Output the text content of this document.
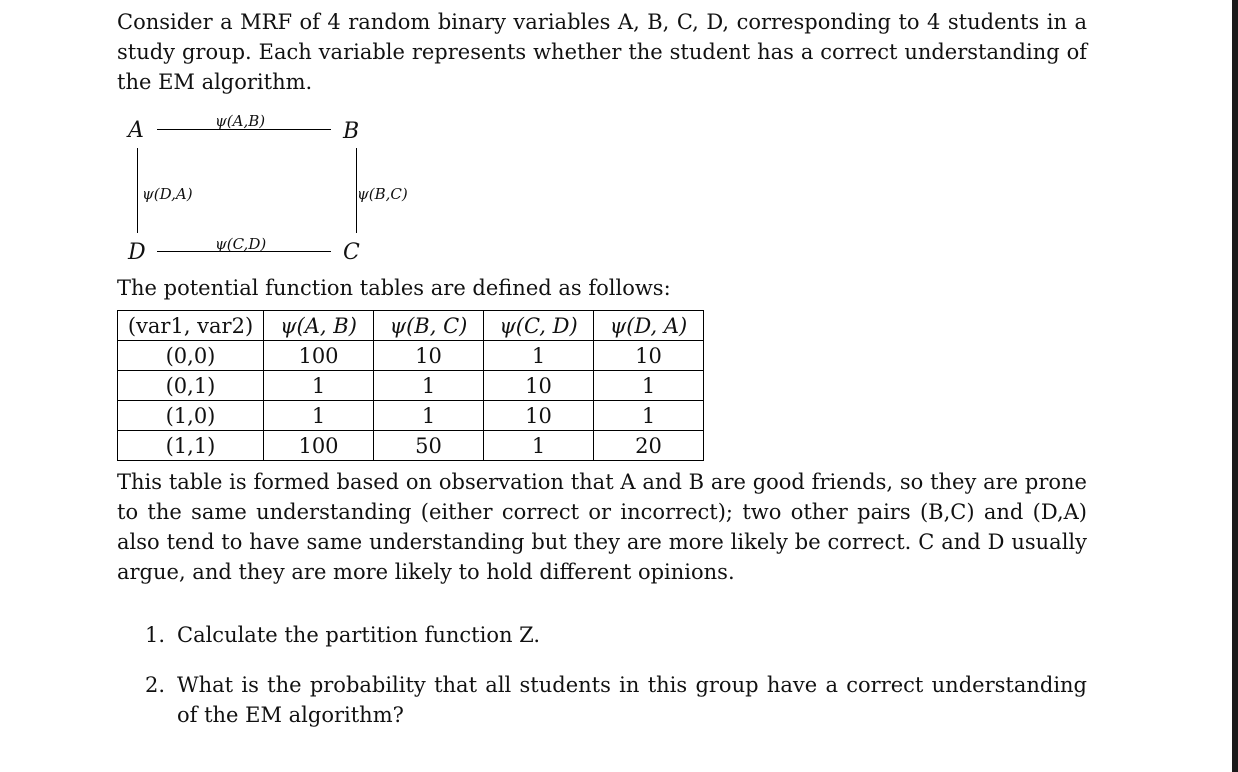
Consider a MRF of 4 random binary variables A, B, C, D, corresponding to 4 students in a study group. Each variable represents whether the student has a correct understanding of the EM algorithm.

A	B
C
D
ψ(A,B)
ψ(B,C)
ψ(C,D)
ψ(D,A)

The potential function tables are defined as follows:

(var1, var2)	ψ(A, B)	ψ(B, C)	ψ(C, D)	ψ(D, A)
(0,0)	100	10	1	10
(0,1)	1	1	10	1
(1,0)	1	1	10	1
(1,1)	100	50	1	20

This table is formed based on observation that A and B are good friends, so they are prone to the same understanding (either correct or incorrect); two other pairs (B,C) and (D,A) also tend to have same understanding but they are more likely be correct. C and D usually argue, and they are more likely to hold different opinions.

1. Calculate the partition function Z.
2. What is the probability that all students in this group have a correct understanding of the EM algorithm?
